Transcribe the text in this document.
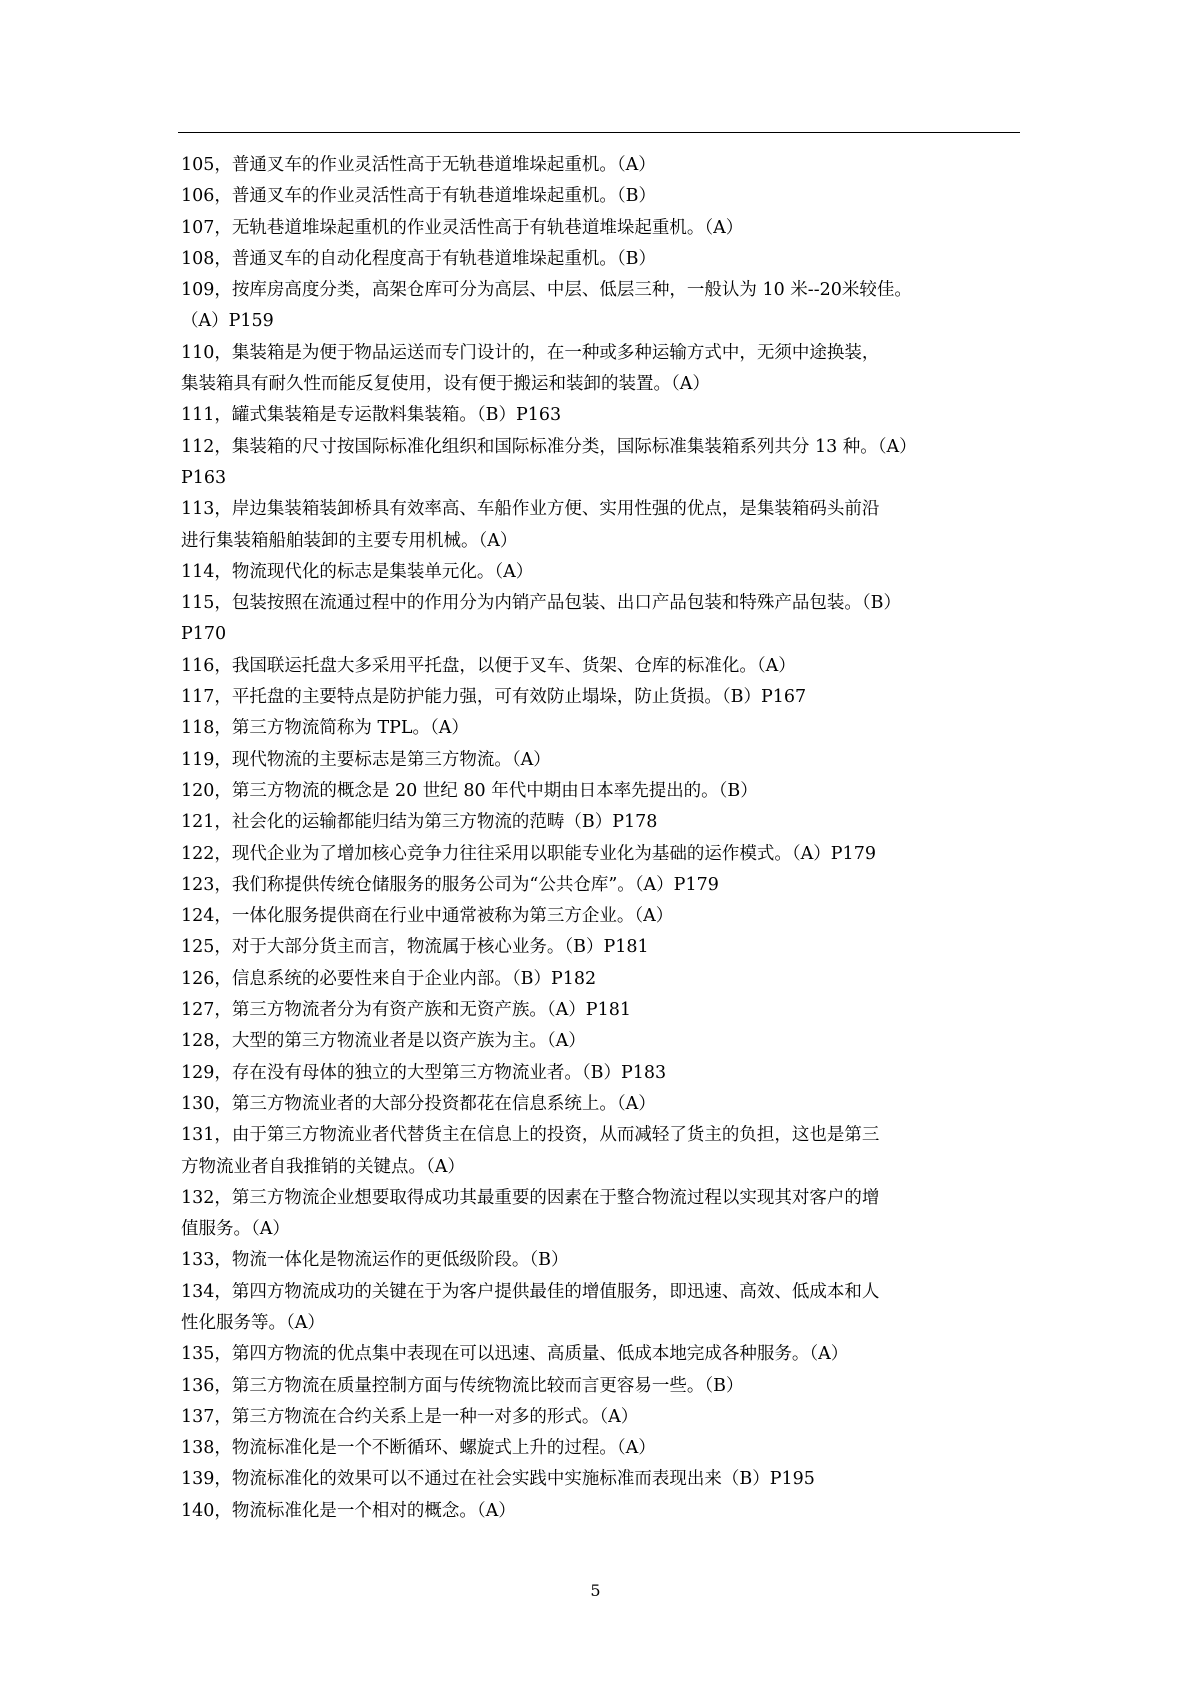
105，普通叉车的作业灵活性高于无轨巷道堆垛起重机。（A）
106，普通叉车的作业灵活性高于有轨巷道堆垛起重机。（B）
107，无轨巷道堆垛起重机的作业灵活性高于有轨巷道堆垛起重机。（A）
108，普通叉车的自动化程度高于有轨巷道堆垛起重机。（B）
109，按库房高度分类，高架仓库可分为高层、中层、低层三种，一般认为 10 米--20米较佳。
（A）P159
110，集装箱是为便于物品运送而专门设计的，在一种或多种运输方式中，无须中途换装，
集装箱具有耐久性而能反复使用，设有便于搬运和装卸的装置。（A）
111，罐式集装箱是专运散料集装箱。（B）P163
112，集装箱的尺寸按国际标准化组织和国际标准分类，国际标准集装箱系列共分 13 种。（A）
P163
113，岸边集装箱装卸桥具有效率高、车船作业方便、实用性强的优点，是集装箱码头前沿
进行集装箱船舶装卸的主要专用机械。（A）
114，物流现代化的标志是集装单元化。（A）
115，包装按照在流通过程中的作用分为内销产品包装、出口产品包装和特殊产品包装。（B）
P170
116，我国联运托盘大多采用平托盘，以便于叉车、货架、仓库的标准化。（A）
117，平托盘的主要特点是防护能力强，可有效防止塌垛，防止货损。（B）P167
118，第三方物流简称为 TPL。（A）
119，现代物流的主要标志是第三方物流。（A）
120，第三方物流的概念是 20 世纪 80 年代中期由日本率先提出的。（B）
121，社会化的运输都能归结为第三方物流的范畴（B）P178
122，现代企业为了增加核心竞争力往往采用以职能专业化为基础的运作模式。（A）P179
123，我们称提供传统仓储服务的服务公司为“公共仓库”。（A）P179
124，一体化服务提供商在行业中通常被称为第三方企业。（A）
125，对于大部分货主而言，物流属于核心业务。（B）P181
126，信息系统的必要性来自于企业内部。（B）P182
127，第三方物流者分为有资产族和无资产族。（A）P181
128，大型的第三方物流业者是以资产族为主。（A）
129，存在没有母体的独立的大型第三方物流业者。（B）P183
130，第三方物流业者的大部分投资都花在信息系统上。（A）
131，由于第三方物流业者代替货主在信息上的投资，从而减轻了货主的负担，这也是第三
方物流业者自我推销的关键点。（A）
132，第三方物流企业想要取得成功其最重要的因素在于整合物流过程以实现其对客户的增
值服务。（A）
133，物流一体化是物流运作的更低级阶段。（B）
134，第四方物流成功的关键在于为客户提供最佳的增值服务，即迅速、高效、低成本和人
性化服务等。（A）
135，第四方物流的优点集中表现在可以迅速、高质量、低成本地完成各种服务。（A）
136，第三方物流在质量控制方面与传统物流比较而言更容易一些。（B）
137，第三方物流在合约关系上是一种一对多的形式。（A）
138，物流标准化是一个不断循环、螺旋式上升的过程。（A）
139，物流标准化的效果可以不通过在社会实践中实施标准而表现出来（B）P195
140，物流标准化是一个相对的概念。（A）
5
